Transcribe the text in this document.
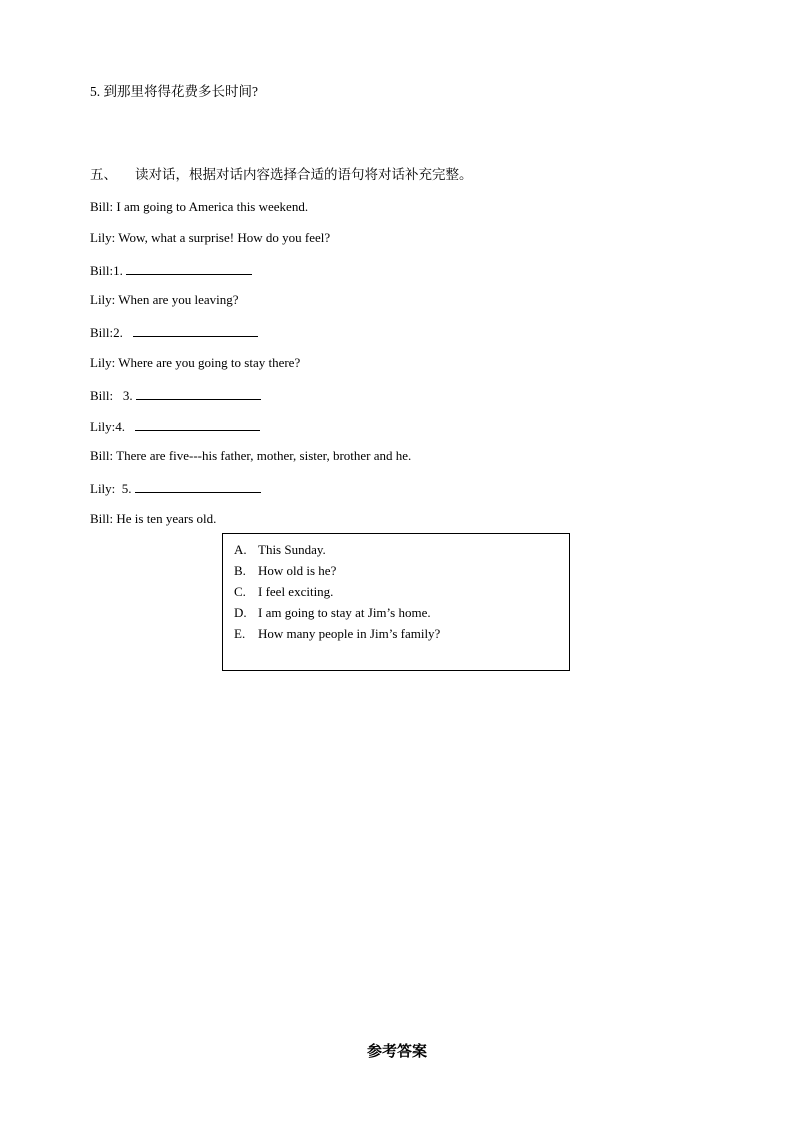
5. 到那里将得花费多长时间?
五、 读对话，根据对话内容选择合适的语句将对话补充完整。
Bill: I am going to America this weekend.
Lily: Wow, what a surprise! How do you feel?
Bill:1.
Lily: When are you leaving?
Bill:2.
Lily: Where are you going to stay there?
Bill:   3.
Lily:4.
Bill: There are five---his father, mother, sister, brother and he.
Lily:  5.
Bill: He is ten years old.
A. This Sunday.
B. How old is he?
C. I feel exciting.
D. I am going to stay at Jim’s home.
E. How many people in Jim’s family?
参考答案
